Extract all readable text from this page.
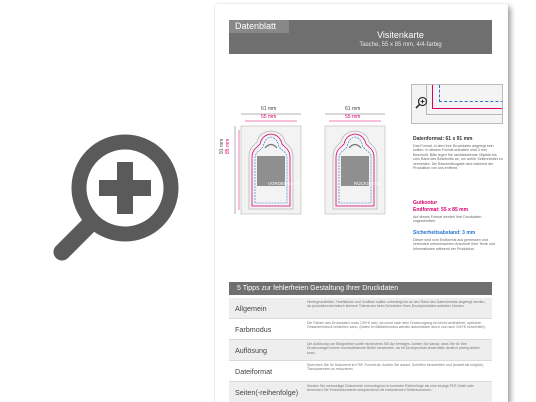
Datenblatt
Visitenkarte
Tasche, 55 x 85 mm, 4/4-farbig
61 mm
55 mm
61 mm
55 mm
91 mm 85 mm
VORDERSEITE	RÜCKSEITE
Datenformat: 61 x 91 mm
Das Format, in dem Ihre Druckdaten angelegt sein sollten. In diesem Format enthalten sind 3 mm Beschnitt. Bitte legen Sie randabfallende Objekte bis zum Rand des Beschnitts an, um weiße Seitenränder zu vermeiden. Die Beschnittzugabe wird während der Produktion von uns entfernt.
Gutkontur
Endformat: 55 x 85 mm
Auf dieses Format werden Ihre Druckdaten zugeschnitten.
Sicherheitsabstand: 3 mm
Dieser wird vom Endformat aus gemessen und verhindert unerwünschten Anschnitt Ihrer Texte und Informationen während der Produktion.
5 Tipps zur fehlerfreien Gestaltung Ihrer Druckdaten
Allgemein
Hintergrundbilder, Farbflächen und Grafiken sollten unbedingt bis an den Rand des Datenformats angelegt werden, da produktionstechnisch kleinere Toleranzen beim Schneiden Ihres Druckproduktes auftreten können.
Farbmodus
Die Farben des Druckdaten muss CMYK sein, da sonst nach dem Druckvorgang ein leicht veränderter, optischer Gesamteindruck entstehen kann. (Daten im Bildfarbmodus werden automatisch durch uns nach CMYK konvertiert).
Auflösung
Die Auflösung von Bildgrafiken sollte mindestens 300 dpi betragen. Achten Sie darauf, dass Sie für Ihre Druckvorlagen immer hochauflösende Bilder verwenden, da Ihr Druckprodukt andernfalls deutlich pixelig wirken kann.
Dateiformat
Speichern Sie Ihr Dokument im PDF-Format ab. Achten Sie darauf, Schriften einzubetten und (soweit als möglich) Transparenzen zu reduzieren.
Seiten(-reihenfolge)
Senden Sie mehrseitige Dokumente chronologisch in korrekter Reihenfolge als eine einzige PDF-Datei oder benennen Sie Einzeldokumente entsprechend mit fortlaufenden Seitennummern.
